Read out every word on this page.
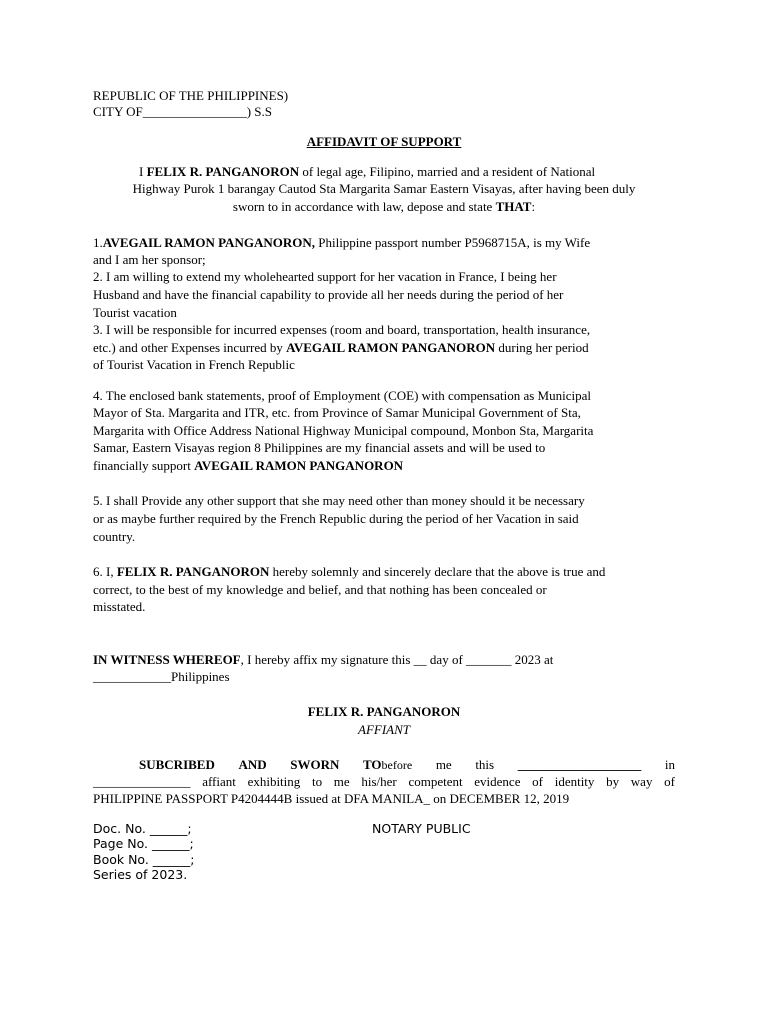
REPUBLIC OF THE PHILIPPINES)
CITY OF________________) S.S
AFFIDAVIT OF SUPPORT
I FELIX R. PANGANORON of legal age, Filipino, married and a resident of National
Highway Purok 1 barangay Cautod Sta Margarita Samar Eastern Visayas, after having been duly
sworn to in accordance with law, depose and state THAT:
1.AVEGAIL RAMON PANGANORON, Philippine passport number P5968715A, is my Wife
and I am her sponsor;
2. I am willing to extend my wholehearted support for her vacation in France, I being her
Husband and have the financial capability to provide all her needs during the period of her
Tourist vacation
3. I will be responsible for incurred expenses (room and board, transportation, health insurance,
etc.) and other Expenses incurred by AVEGAIL RAMON PANGANORON during her period
of Tourist Vacation in French Republic
4. The enclosed bank statements, proof of Employment (COE) with compensation as Municipal
Mayor of Sta. Margarita and ITR, etc. from Province of Samar Municipal Government of Sta,
Margarita with Office Address National Highway Municipal compound, Monbon Sta, Margarita
Samar, Eastern Visayas region 8 Philippines are my financial assets and will be used to
financially support AVEGAIL RAMON PANGANORON
5. I shall Provide any other support that she may need other than money should it be necessary
or as maybe further required by the French Republic during the period of her Vacation in said
country.
6. I, FELIX R. PANGANORON hereby solemnly and sincerely declare that the above is true and
correct, to the best of my knowledge and belief, and that nothing has been concealed or
misstated.
IN WITNESS WHEREOF, I hereby affix my signature this __ day of _______ 2023 at
____________Philippines
FELIX R. PANGANORON
AFFIANT
SUBCRIBED AND SWORN TObefore me this ___________________ in
_______________ affiant exhibiting to me his/her competent evidence of identity by way of
PHILIPPINE PASSPORT P4204444B issued at DFA MANILA_ on DECEMBER 12, 2019
Doc. No. ______;	NOTARY PUBLIC
Page No. ______;
Book No. ______;
Series of 2023.
